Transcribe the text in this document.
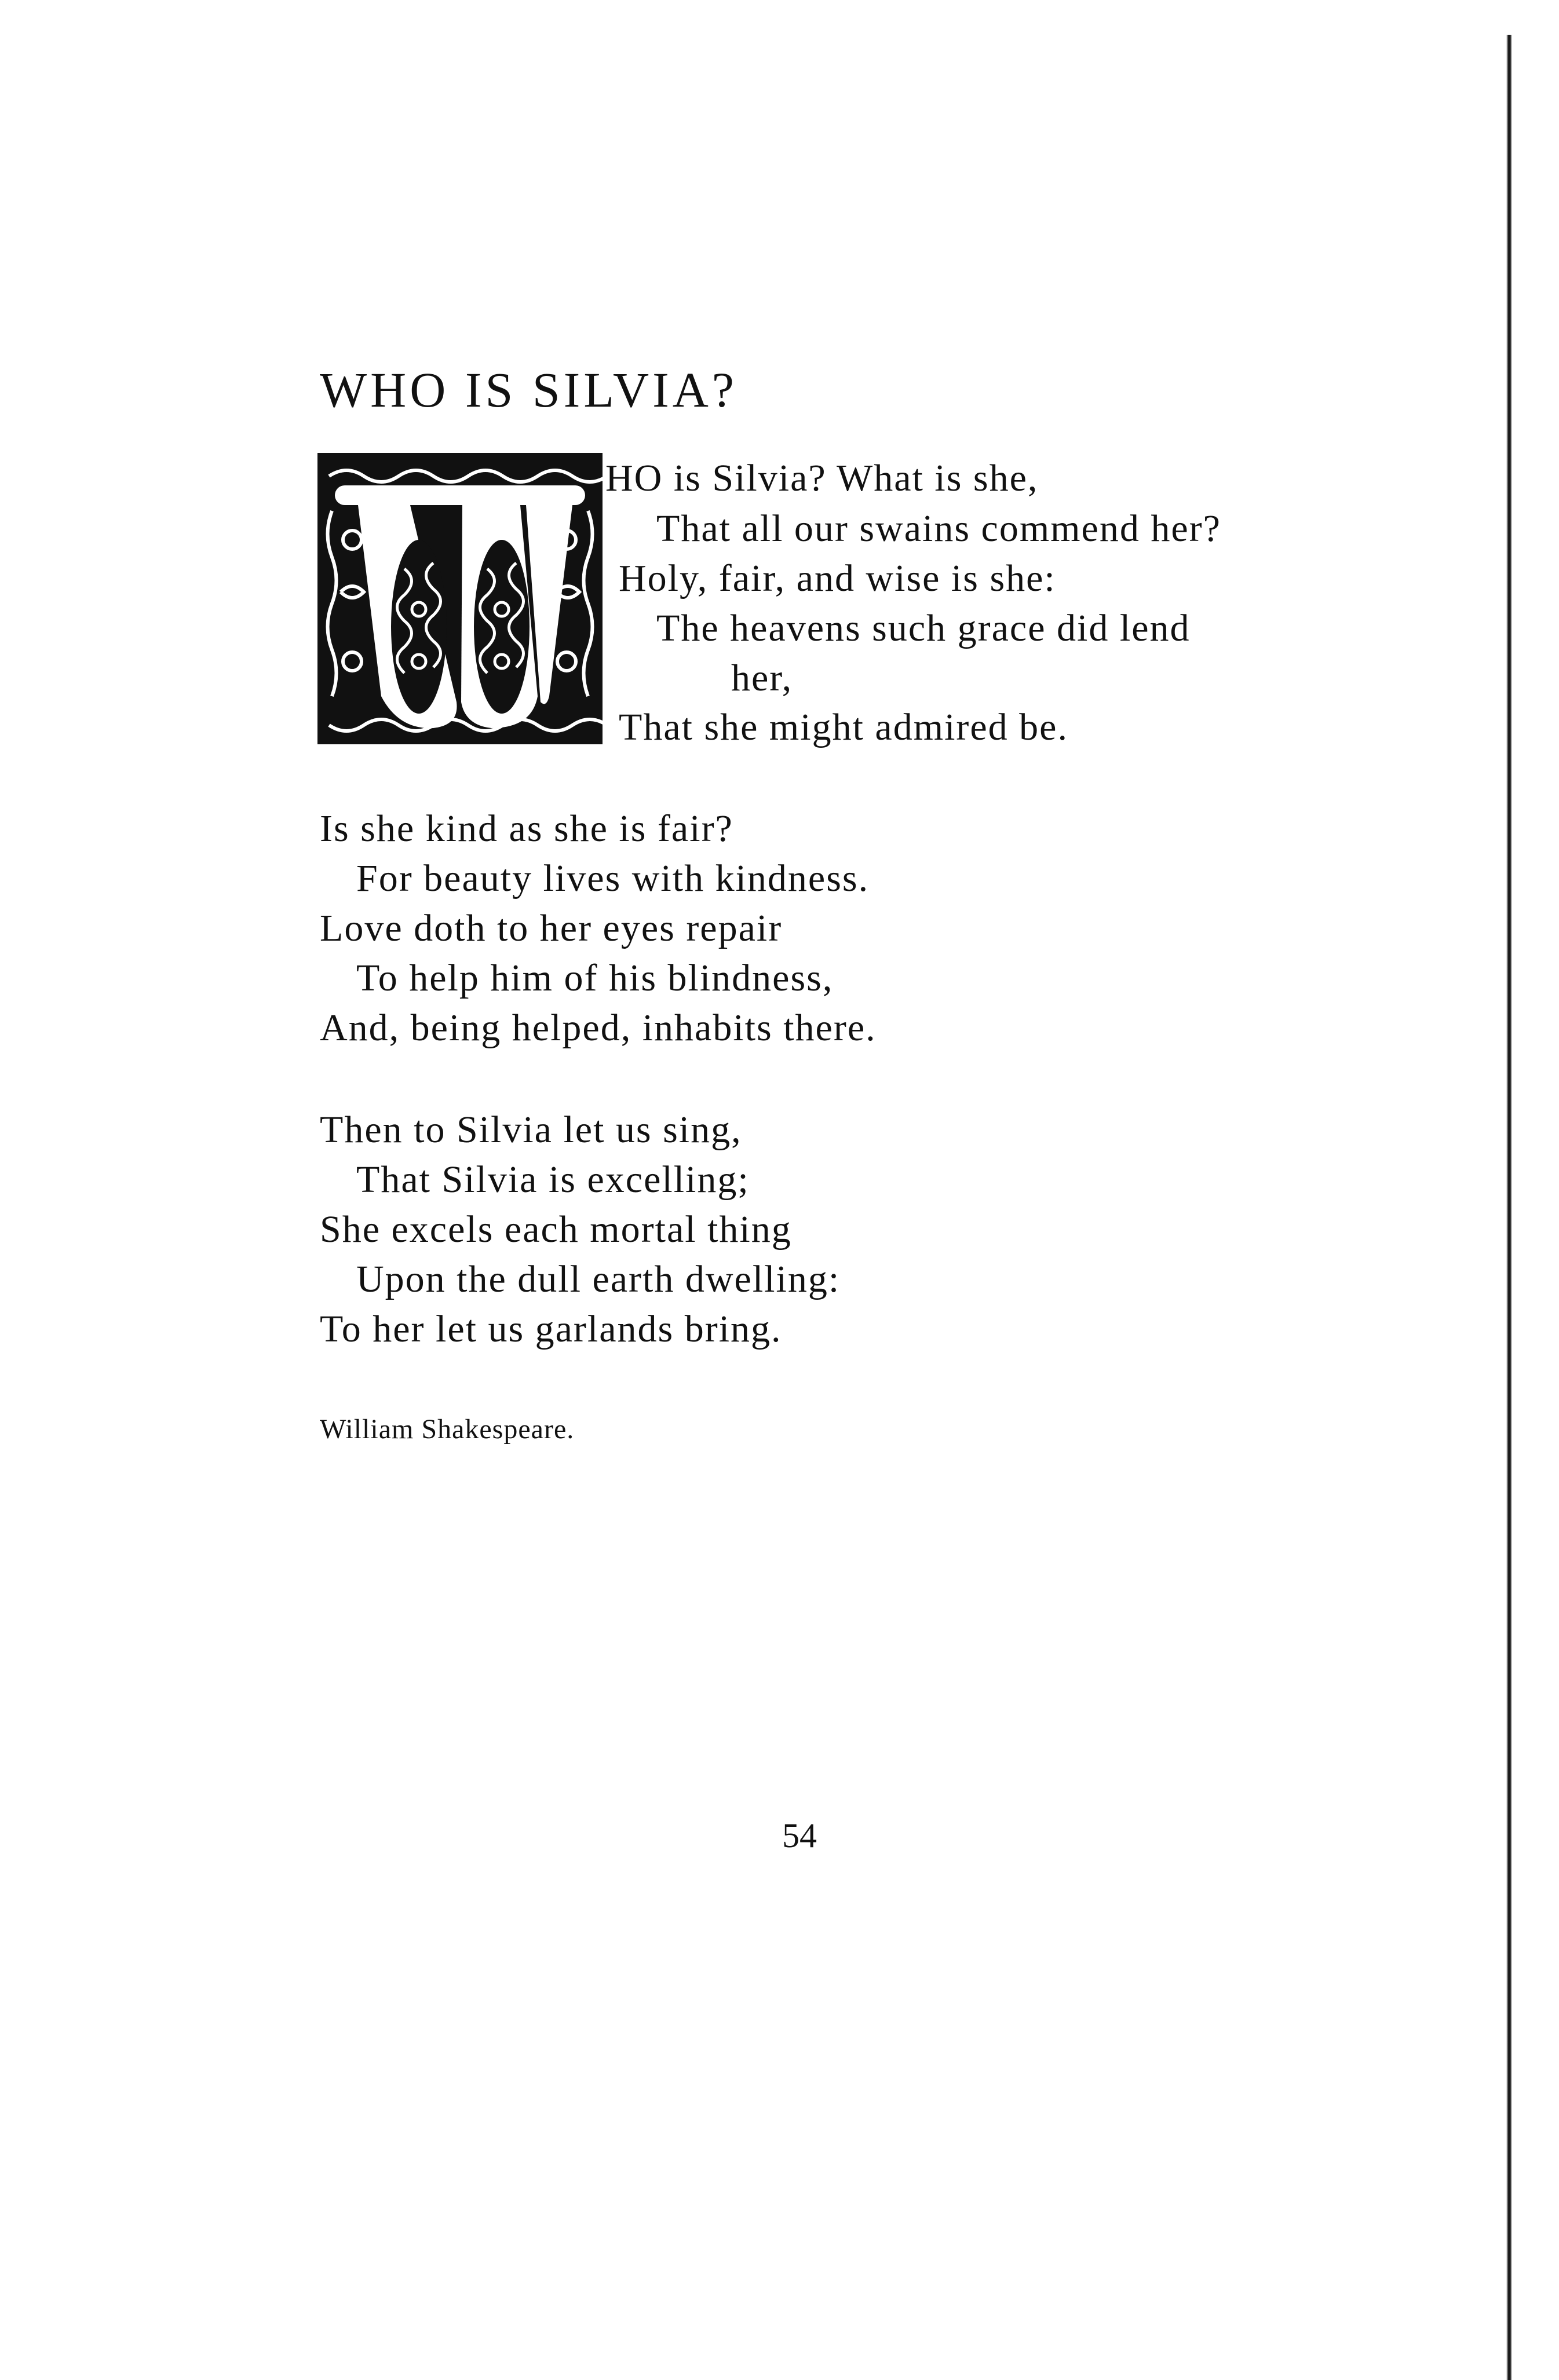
WHO IS SILVIA?
HO is Silvia? What is she,
That all our swains commend her?
Holy, fair, and wise is she:
The heavens such grace did lend
her,
That she might admired be.
Is she kind as she is fair?
For beauty lives with kindness.
Love doth to her eyes repair
To help him of his blindness,
And, being helped, inhabits there.
Then to Silvia let us sing,
That Silvia is excelling;
She excels each mortal thing
Upon the dull earth dwelling:
To her let us garlands bring.
William Shakespeare.
54
